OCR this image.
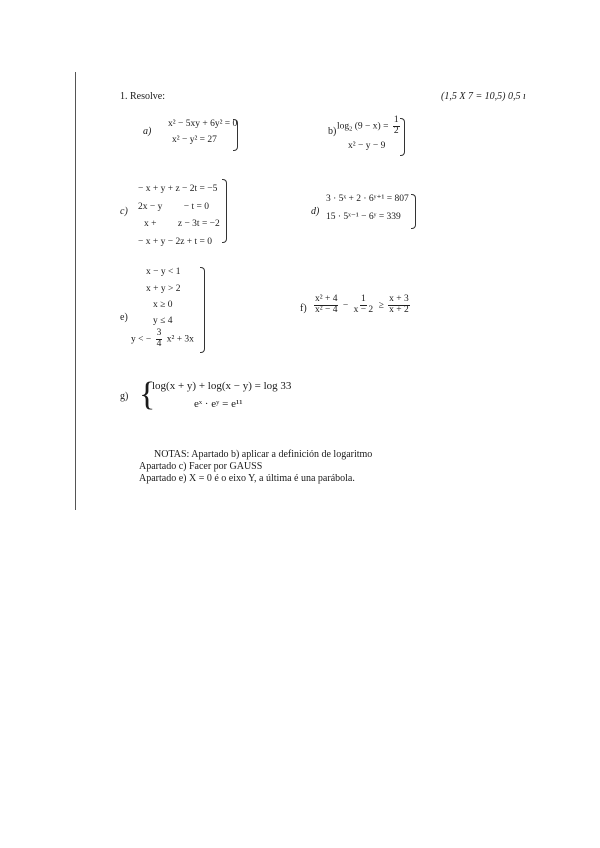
1. Resolve:	(1,5 X 7 = 10,5) 0,5 ı
a)
x² − 5xy + 6y² = 0
x² − y² = 27
b) $\log_2 (9 - x) = \frac{1}{2}$
x² − y − 9
c)
− x + y + z − 2t = −5
2x − y         − t = 0
x +         z − 3t = −2
− x + y − 2z + t = 0
d)
3 · 5ˣ + 2 · 6ʸ⁺¹ = 807
15 · 5ˣ⁻¹ − 6ʸ = 339
e)
x − y < 1
x + y > 2
x ≥ 0
y ≤ 4
y < − $\frac{3}{4} x^2 + 3x$
$f) \frac{\text{x² + 4}}{\text{x² − 4}} - \frac{1}{x - 2} \ge \frac{x + 3}{x + 2}$
g) {
log(x + y) + log(x − y) = log 33
eˣ · eʸ = e¹¹
NOTAS: Apartado b) aplicar a definición de logaritmo
Apartado c) Facer por GAUSS
Apartado e) X = 0 é o eixo Y, a última é una parábola.
